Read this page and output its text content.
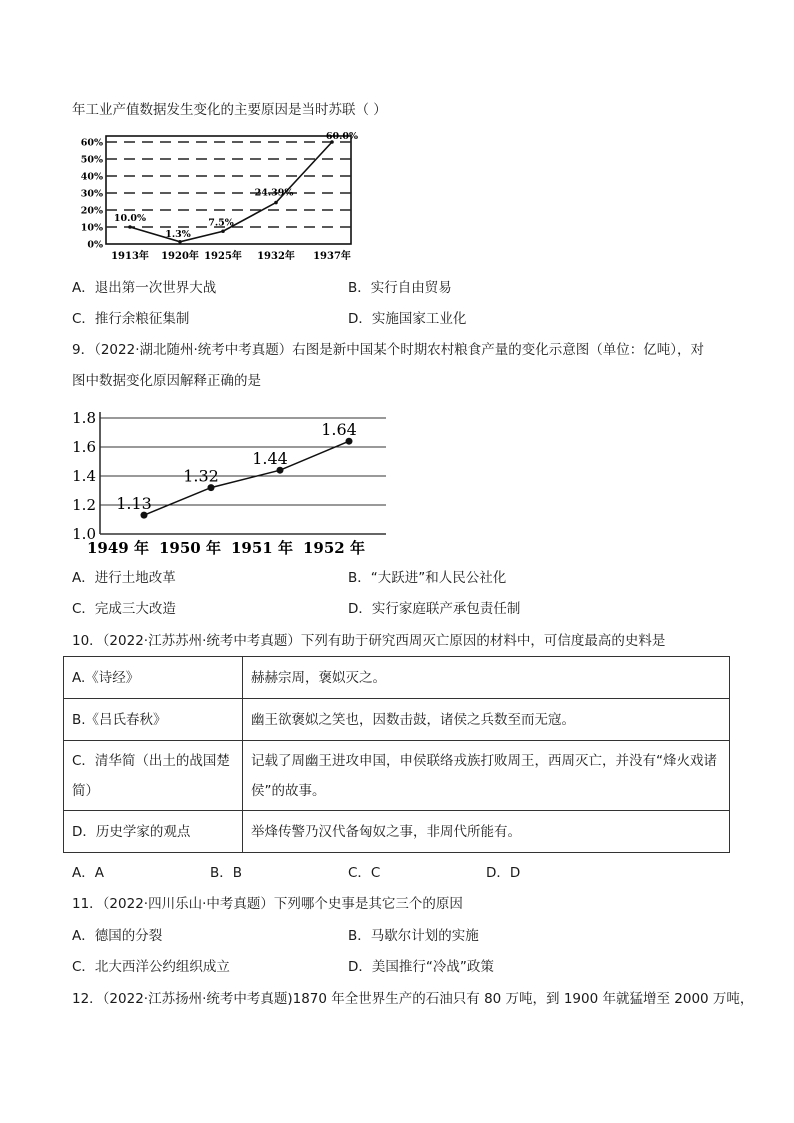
年工业产值数据发生变化的主要原因是当时苏联（ ）
60%
50%
40%
30%
20%
10%
0%
10.0%
1.3%
7.5%
24.39%
60.0%
1913年 1920年 1925年 1932年 1937年
A．退出第一次世界大战	B．实行自由贸易
C．推行余粮征集制	D．实施国家工业化
9．（2022·湖北随州·统考中考真题）右图是新中国某个时期农村粮食产量的变化示意图（单位：亿吨），对
图中数据变化原因解释正确的是
1.8
1.6
1.4
1.2
1.0
1.13
1.32
1.44
1.64
1949 年 1950 年 1951 年 1952 年
A．进行土地改革	B．“大跃进”和人民公社化
C．完成三大改造	D．实行家庭联产承包责任制
10．（2022·江苏苏州·统考中考真题）下列有助于研究西周灭亡原因的材料中，可信度最高的史料是
A.《诗经》	赫赫宗周，褒姒灭之。
B.《吕氏春秋》	幽王欲褒姒之笑也，因数击鼓，诸侯之兵数至而无寇。
C．清华简（出土的战国楚简）	记载了周幽王进攻申国，申侯联络戎族打败周王，西周灭亡，并没有“烽火戏诸侯”的故事。
D．历史学家的观点	举烽传警乃汉代备匈奴之事，非周代所能有。
A．A	B．B	C．C	D．D
11．（2022·四川乐山·中考真题）下列哪个史事是其它三个的原因
A．德国的分裂	B．马歇尔计划的实施
C．北大西洋公约组织成立	D．美国推行“冷战”政策
12．（2022·江苏扬州·统考中考真题)1870 年全世界生产的石油只有 80 万吨，到 1900 年就猛增至 2000 万吨，
